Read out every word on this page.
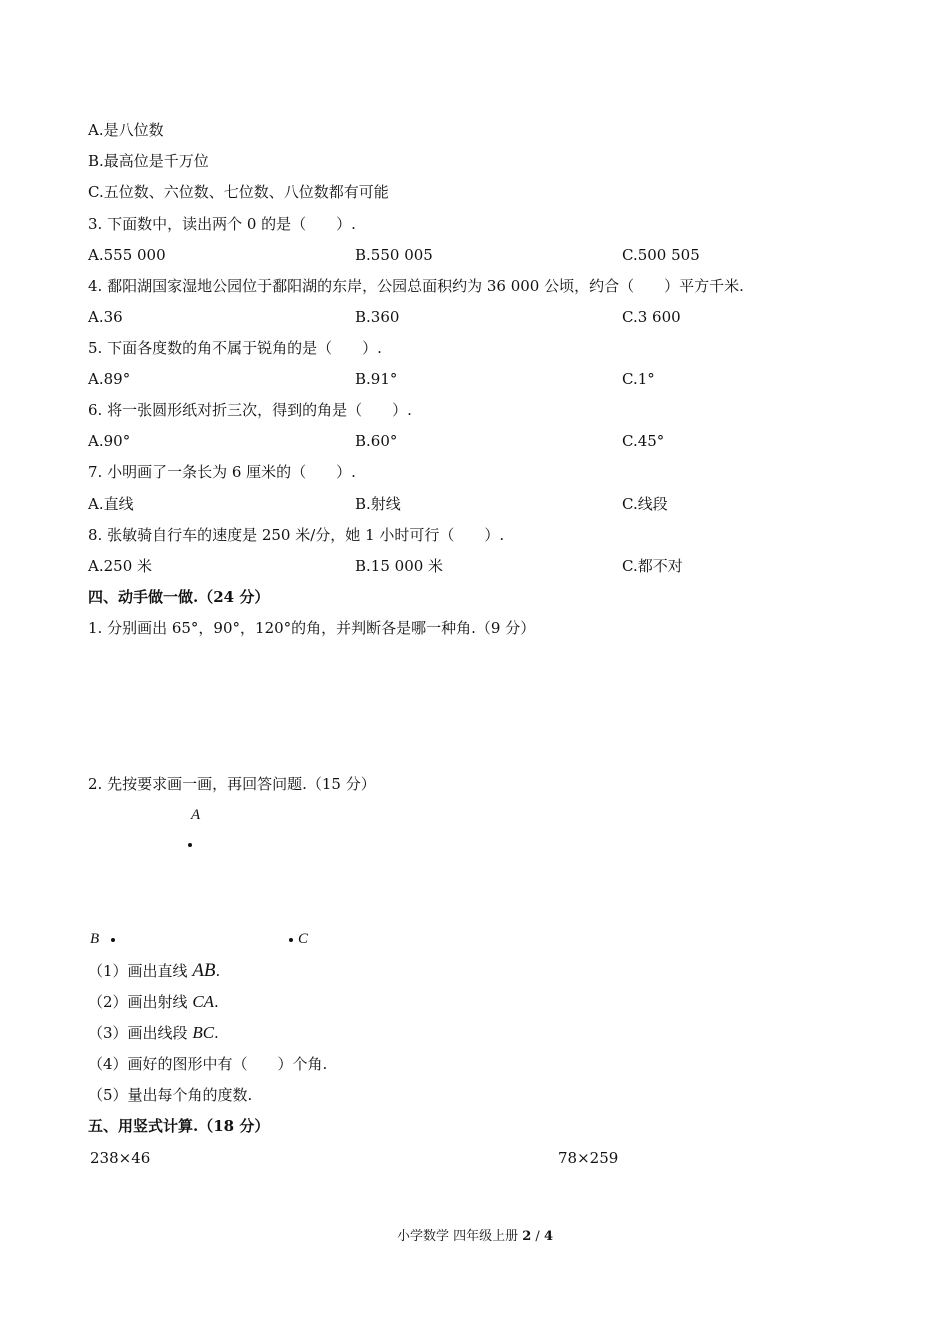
A.是八位数
B.最高位是千万位
C.五位数、六位数、七位数、八位数都有可能
3. 下面数中，读出两个 0 的是（　　）.
A.555 000	B.550 005	C.500 505
4. 鄱阳湖国家湿地公园位于鄱阳湖的东岸，公园总面积约为 36 000 公顷，约合（　　）平方千米.
A.36	B.360	C.3 600
5. 下面各度数的角不属于锐角的是（　　）.
A.89°	B.91°	C.1°
6. 将一张圆形纸对折三次，得到的角是（　　）.
A.90°	B.60°	C.45°
7. 小明画了一条长为 6 厘米的（　　）.
A.直线	B.射线	C.线段
8. 张敏骑自行车的速度是 250 米/分，她 1 小时可行（　　）.
A.250 米	B.15 000 米	C.都不对
四、动手做一做.（24 分）
1. 分别画出 65°，90°，120°的角，并判断各是哪一种角.（9 分）
2. 先按要求画一画，再回答问题.（15 分）
A
B	C
（1）画出直线 AB.
（2）画出射线 CA.
（3）画出线段 BC.
（4）画好的图形中有（　　）个角.
（5）量出每个角的度数.
五、用竖式计算.（18 分）
238×46	78×259
小学数学 四年级上册 2 / 4
